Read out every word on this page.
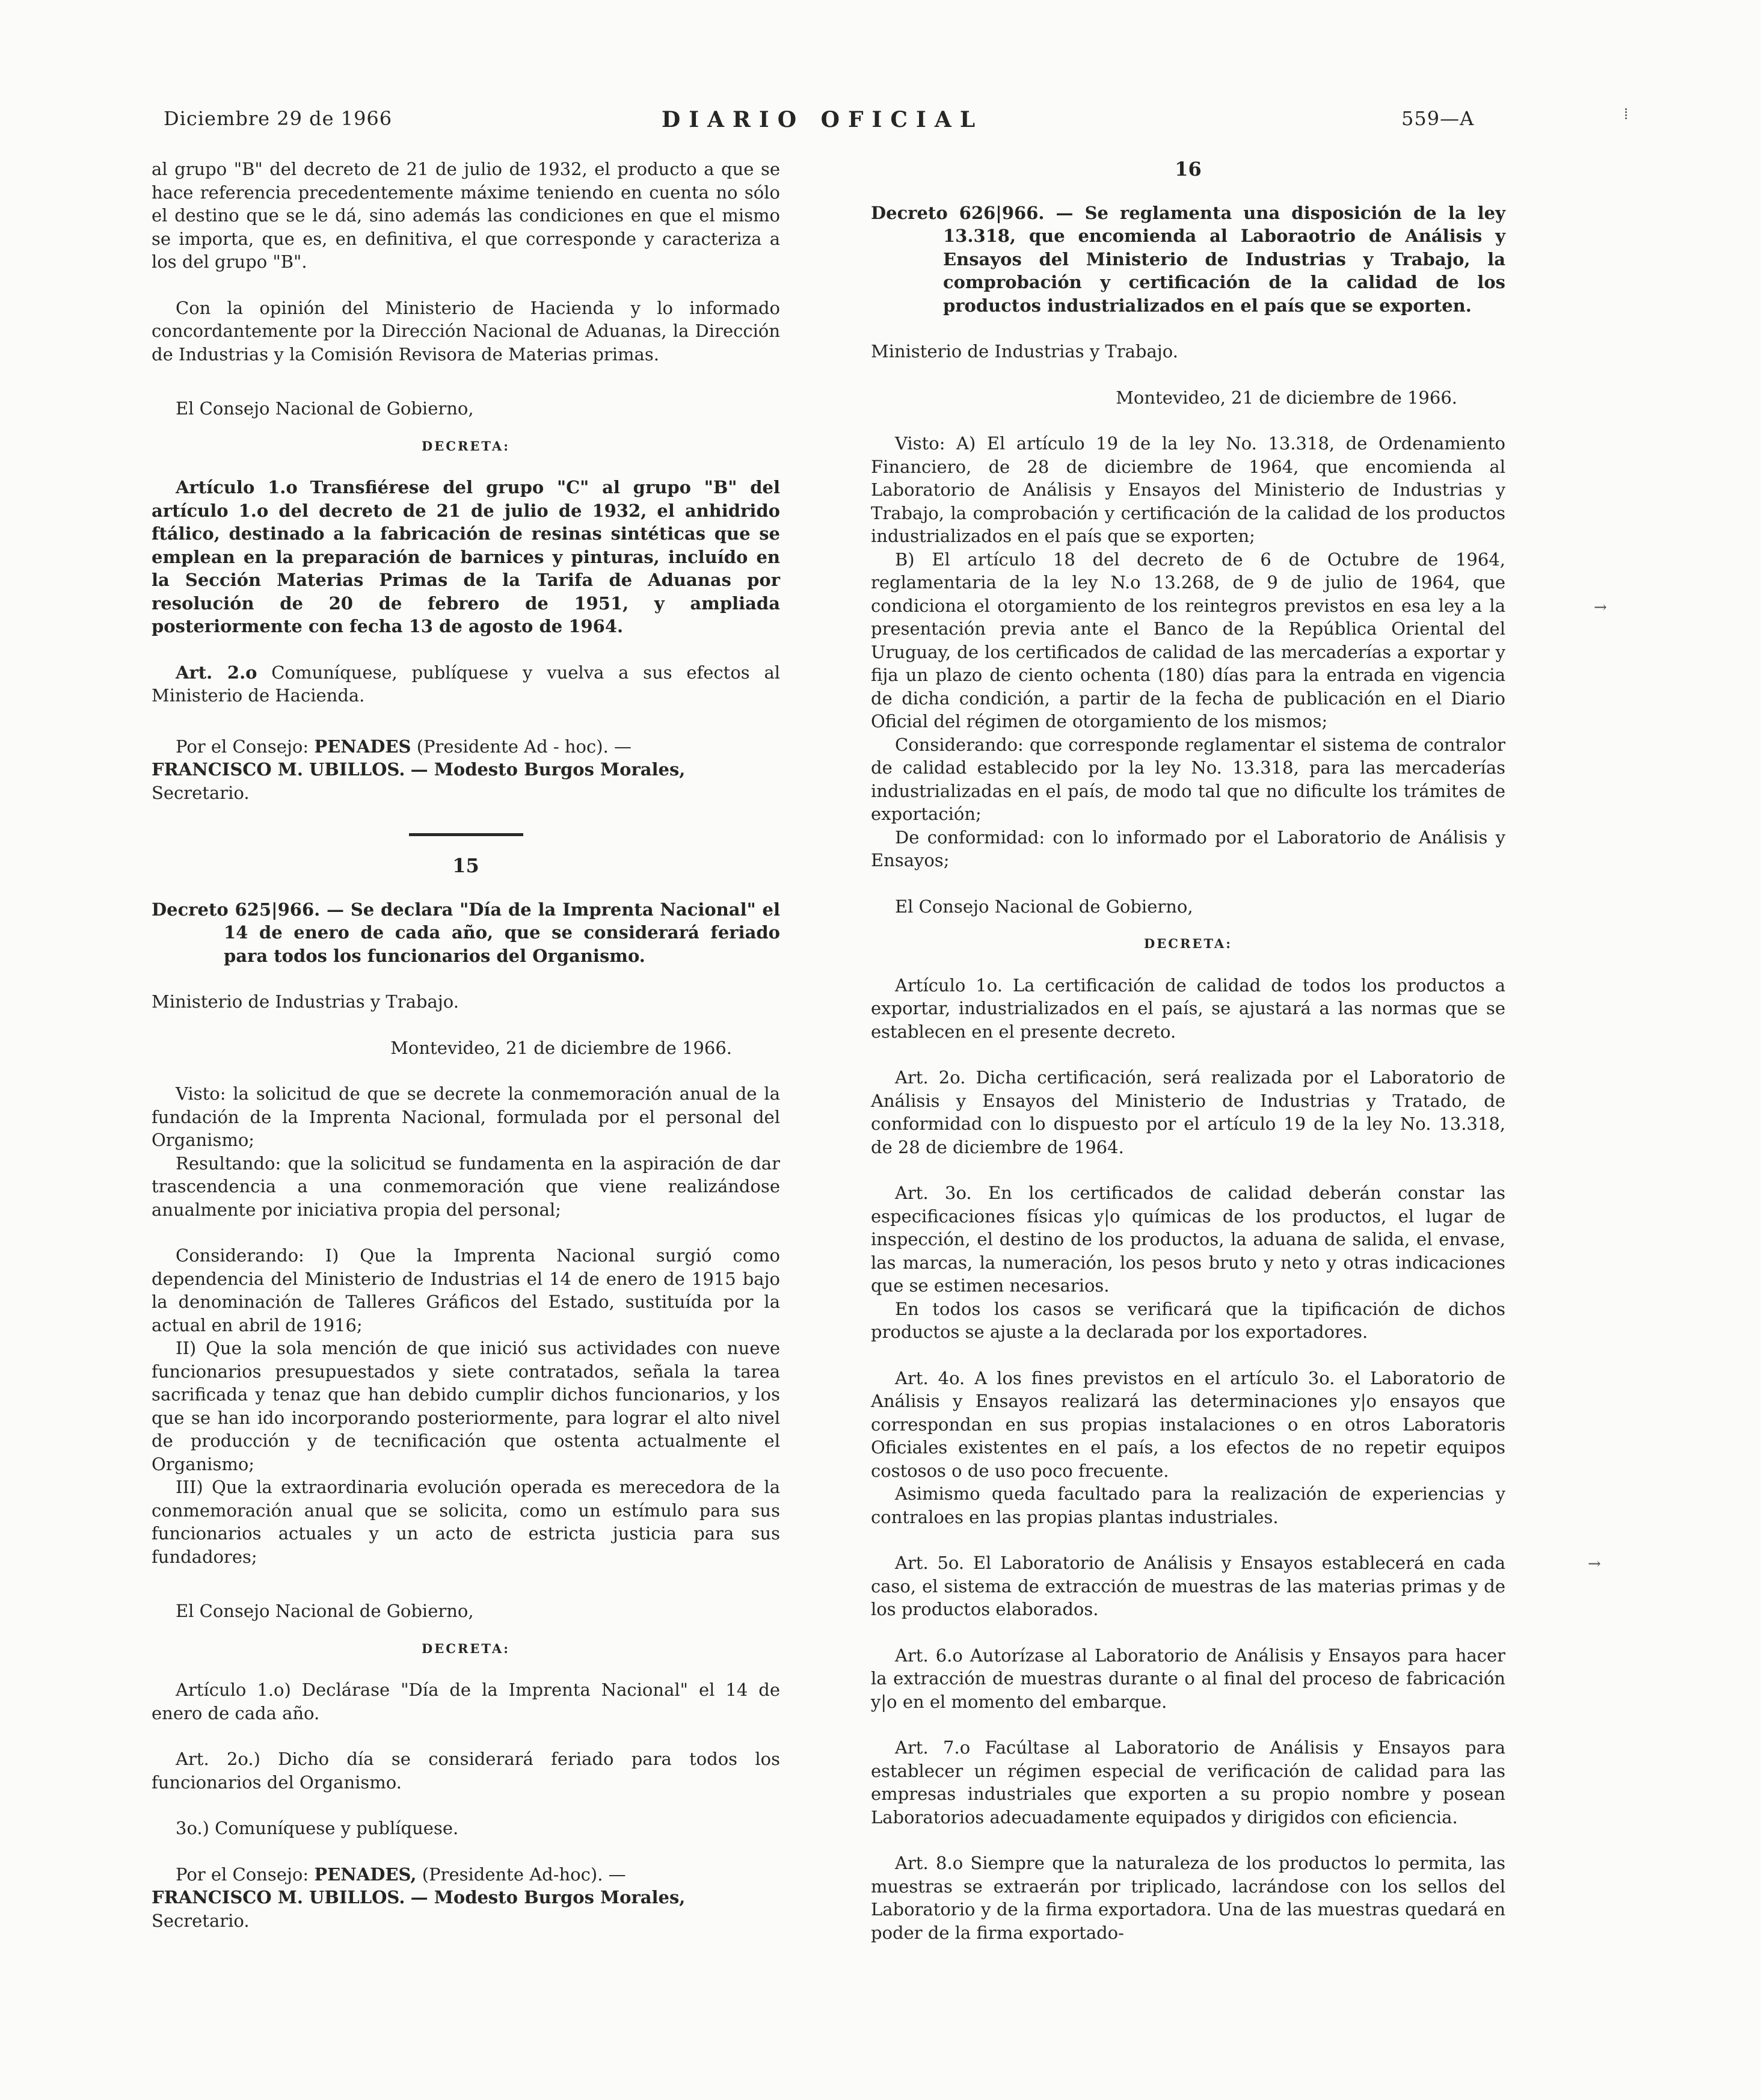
Diciembre 29 de 1966	DIARIO OFICIAL	559—A

al grupo "B" del decreto de 21 de julio de 1932, el producto a que se hace referencia precedentemente máxime teniendo en cuenta no sólo el destino que se le dá, sino además las condiciones en que el mismo se importa, que es, en definitiva, el que corresponde y caracteriza a los del grupo "B".

Con la opinión del Ministerio de Hacienda y lo informado concordantemente por la Dirección Nacional de Aduanas, la Dirección de Industrias y la Comisión Revisora de Materias primas.

El Consejo Nacional de Gobierno,

DECRETA:

Artículo 1.o Transfiérese del grupo "C" al grupo "B" del artículo 1.o del decreto de 21 de julio de 1932, el anhidrido ftálico, destinado a la fabricación de resinas sintéticas que se emplean en la preparación de barnices y pinturas, incluído en la Sección Materias Primas de la Tarifa de Aduanas por resolución de 20 de febrero de 1951, y ampliada posteriormente con fecha 13 de agosto de 1964.

Art. 2.o Comuníquese, publíquese y vuelva a sus efectos al Ministerio de Hacienda.

Por el Consejo: PENADES (Presidente Ad - hoc). —

FRANCISCO M. UBILLOS. — Modesto Burgos Morales,

Secretario.

15

Decreto 625|966. — Se declara "Día de la Imprenta Nacional" el 14 de enero de cada año, que se considerará feriado para todos los funcionarios del Organismo.

Ministerio de Industrias y Trabajo.

Montevideo, 21 de diciembre de 1966.

Visto: la solicitud de que se decrete la conmemoración anual de la fundación de la Imprenta Nacional, formulada por el personal del Organismo;

Resultando: que la solicitud se fundamenta en la aspiración de dar trascendencia a una conmemoración que viene realizándose anualmente por iniciativa propia del personal;

Considerando: I) Que la Imprenta Nacional surgió como dependencia del Ministerio de Industrias el 14 de enero de 1915 bajo la denominación de Talleres Gráficos del Estado, sustituída por la actual en abril de 1916;

II) Que la sola mención de que inició sus actividades con nueve funcionarios presupuestados y siete contratados, señala la tarea sacrificada y tenaz que han debido cumplir dichos funcionarios, y los que se han ido incorporando posteriormente, para lograr el alto nivel de producción y de tecnificación que ostenta actualmente el Organismo;

III) Que la extraordinaria evolución operada es merecedora de la conmemoración anual que se solicita, como un estímulo para sus funcionarios actuales y un acto de estricta justicia para sus fundadores;

El Consejo Nacional de Gobierno,

DECRETA:

Artículo 1.o) Declárase "Día de la Imprenta Nacional" el 14 de enero de cada año.

Art. 2o.) Dicho día se considerará feriado para todos los funcionarios del Organismo.

3o.) Comuníquese y publíquese.

Por el Consejo: PENADES, (Presidente Ad-hoc). —

FRANCISCO M. UBILLOS. — Modesto Burgos Morales,

Secretario.

16

Decreto 626|966. — Se reglamenta una disposición de la ley 13.318, que encomienda al Laboraotrio de Análisis y Ensayos del Ministerio de Industrias y Trabajo, la comprobación y certificación de la calidad de los productos industrializados en el país que se exporten.

Ministerio de Industrias y Trabajo.

Montevideo, 21 de diciembre de 1966.

Visto: A) El artículo 19 de la ley No. 13.318, de Ordenamiento Financiero, de 28 de diciembre de 1964, que encomienda al Laboratorio de Análisis y Ensayos del Ministerio de Industrias y Trabajo, la comprobación y certificación de la calidad de los productos industrializados en el país que se exporten;

B) El artículo 18 del decreto de 6 de Octubre de 1964, reglamentaria de la ley N.o 13.268, de 9 de julio de 1964, que condiciona el otorgamiento de los reintegros previstos en esa ley a la presentación previa ante el Banco de la República Oriental del Uruguay, de los certificados de calidad de las mercaderías a exportar y fija un plazo de ciento ochenta (180) días para la entrada en vigencia de dicha condición, a partir de la fecha de publicación en el Diario Oficial del régimen de otorgamiento de los mismos;

Considerando: que corresponde reglamentar el sistema de contralor de calidad establecido por la ley No. 13.318, para las mercaderías industrializadas en el país, de modo tal que no dificulte los trámites de exportación;

De conformidad: con lo informado por el Laboratorio de Análisis y Ensayos;

El Consejo Nacional de Gobierno,

DECRETA:

Artículo 1o. La certificación de calidad de todos los productos a exportar, industrializados en el país, se ajustará a las normas que se establecen en el presente decreto.

Art. 2o. Dicha certificación, será realizada por el Laboratorio de Análisis y Ensayos del Ministerio de Industrias y Tratado, de conformidad con lo dispuesto por el artículo 19 de la ley No. 13.318, de 28 de diciembre de 1964.

Art. 3o. En los certificados de calidad deberán constar las especificaciones físicas y|o químicas de los productos, el lugar de inspección, el destino de los productos, la aduana de salida, el envase, las marcas, la numeración, los pesos bruto y neto y otras indicaciones que se estimen necesarios.

En todos los casos se verificará que la tipificación de dichos productos se ajuste a la declarada por los exportadores.

Art. 4o. A los fines previstos en el artículo 3o. el Laboratorio de Análisis y Ensayos realizará las determinaciones y|o ensayos que correspondan en sus propias instalaciones o en otros Laboratoris Oficiales existentes en el país, a los efectos de no repetir equipos costosos o de uso poco frecuente.

Asimismo queda facultado para la realización de experiencias y contraloes en las propias plantas industriales.

Art. 5o. El Laboratorio de Análisis y Ensayos establecerá en cada caso, el sistema de extracción de muestras de las materias primas y de los productos elaborados.

Art. 6.o Autorízase al Laboratorio de Análisis y Ensayos para hacer la extracción de muestras durante o al final del proceso de fabricación y|o en el momento del embarque.

Art. 7.o Facúltase al Laboratorio de Análisis y Ensayos para establecer un régimen especial de verificación de calidad para las empresas industriales que exporten a su propio nombre y posean Laboratorios adecuadamente equipados y dirigidos con eficiencia.

Art. 8.o Siempre que la naturaleza de los productos lo permita, las muestras se extraerán por triplicado, lacrándose con los sellos del Laboratorio y de la firma exportadora. Una de las muestras quedará en poder de la firma exportado-

⁞
→
→
